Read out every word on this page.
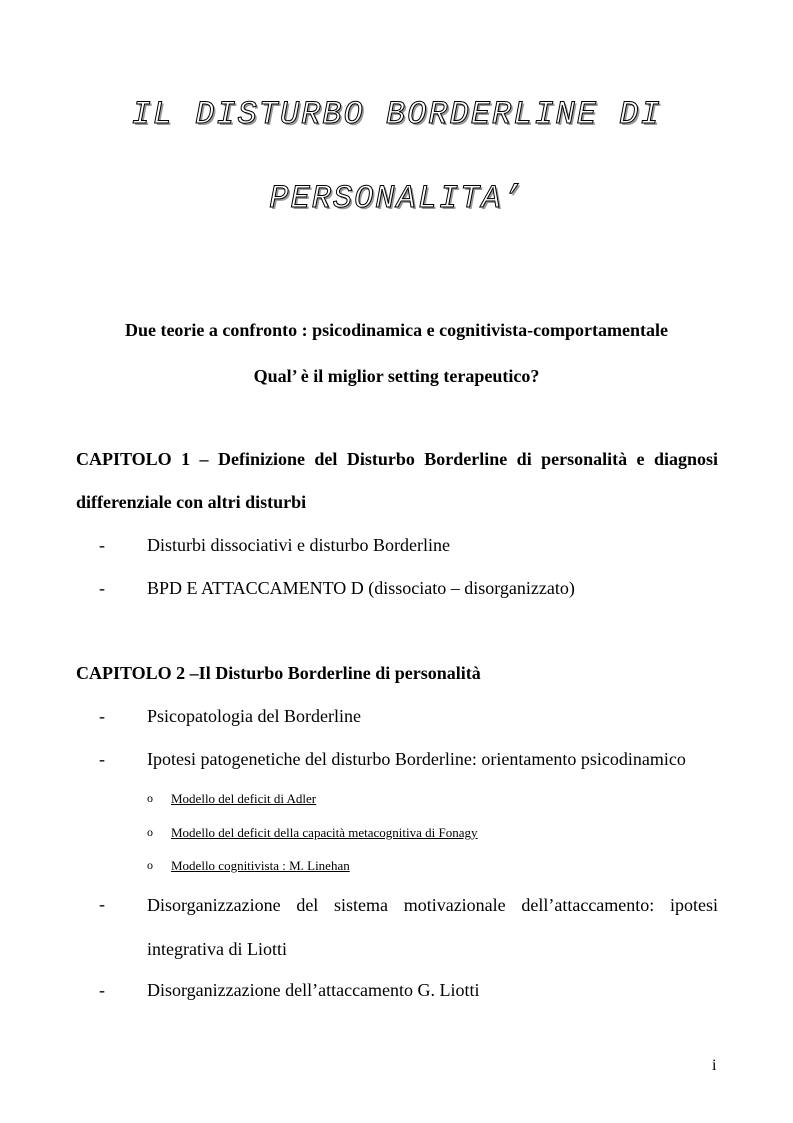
IL DISTURBO BORDERLINE DI
PERSONALITA’
Due teorie a confronto : psicodinamica e cognitivista-comportamentale
Qual’ è il miglior setting terapeutico?
CAPITOLO 1 – Definizione del Disturbo Borderline di personalità e diagnosi differenziale con altri disturbi
- Disturbi dissociativi e disturbo Borderline
- BPD E ATTACCAMENTO D (dissociato – disorganizzato)
CAPITOLO 2 –Il Disturbo Borderline di personalità
- Psicopatologia del Borderline
- Ipotesi patogenetiche del disturbo Borderline: orientamento psicodinamico
o Modello del deficit di Adler
o Modello del deficit della capacità metacognitiva di Fonagy
o Modello cognitivista : M. Linehan
- Disorganizzazione del sistema motivazionale dell’attaccamento: ipotesi integrativa di Liotti
- Disorganizzazione dell’attaccamento G. Liotti
i
